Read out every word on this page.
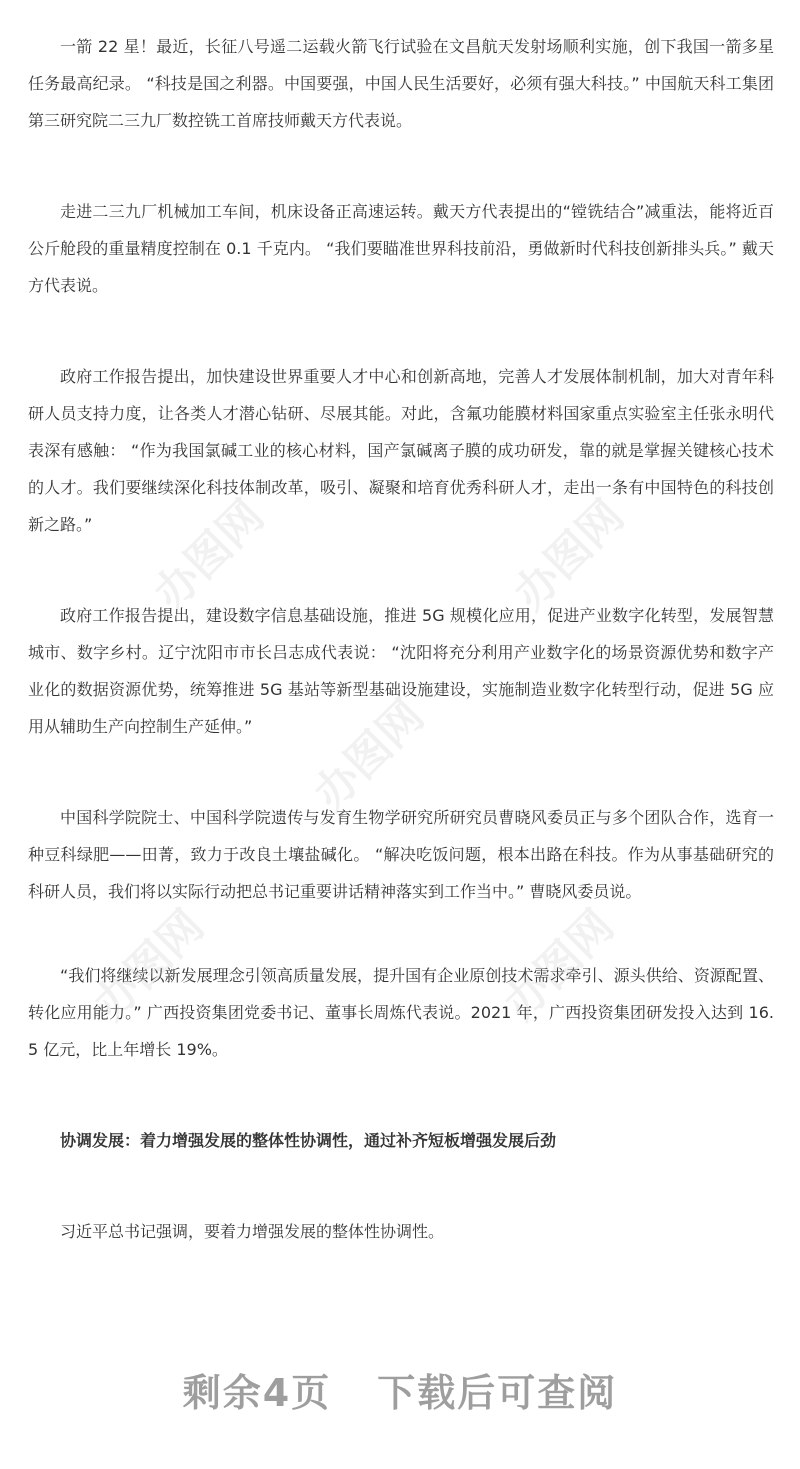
一箭 22 星！最近，长征八号遥二运载火箭飞行试验在文昌航天发射场顺利实施，创下我国一箭多星任务最高纪录。 “科技是国之利器。中国要强，中国人民生活要好，必须有强大科技。” 中国航天科工集团第三研究院二三九厂数控铣工首席技师戴天方代表说。

走进二三九厂机械加工车间，机床设备正高速运转。戴天方代表提出的“镗铣结合”减重法，能将近百公斤舱段的重量精度控制在 0.1 千克内。 “我们要瞄准世界科技前沿，勇做新时代科技创新排头兵。” 戴天方代表说。

政府工作报告提出，加快建设世界重要人才中心和创新高地，完善人才发展体制机制，加大对青年科研人员支持力度，让各类人才潜心钻研、尽展其能。对此，含氟功能膜材料国家重点实验室主任张永明代表深有感触： “作为我国氯碱工业的核心材料，国产氯碱离子膜的成功研发，靠的就是掌握关键核心技术的人才。我们要继续深化科技体制改革，吸引、凝聚和培育优秀科研人才，走出一条有中国特色的科技创新之路。”

政府工作报告提出，建设数字信息基础设施，推进 5G 规模化应用，促进产业数字化转型，发展智慧城市、数字乡村。辽宁沈阳市市长吕志成代表说： “沈阳将充分利用产业数字化的场景资源优势和数字产业化的数据资源优势，统筹推进 5G 基站等新型基础设施建设，实施制造业数字化转型行动，促进 5G 应用从辅助生产向控制生产延伸。”

中国科学院院士、中国科学院遗传与发育生物学研究所研究员曹晓风委员正与多个团队合作，选育一种豆科绿肥——田菁，致力于改良土壤盐碱化。 “解决吃饭问题，根本出路在科技。作为从事基础研究的科研人员，我们将以实际行动把总书记重要讲话精神落实到工作当中。” 曹晓风委员说。

“我们将继续以新发展理念引领高质量发展，提升国有企业原创技术需求牵引、源头供给、资源配置、转化应用能力。” 广西投资集团党委书记、董事长周炼代表说。2021 年，广西投资集团研发投入达到 16.5 亿元，比上年增长 19%。

协调发展：着力增强发展的整体性协调性，通过补齐短板增强发展后劲

习近平总书记强调，要着力增强发展的整体性协调性。

办图网	办图网
办图网
办图网	办图网
剩余4页 下载后可查阅
